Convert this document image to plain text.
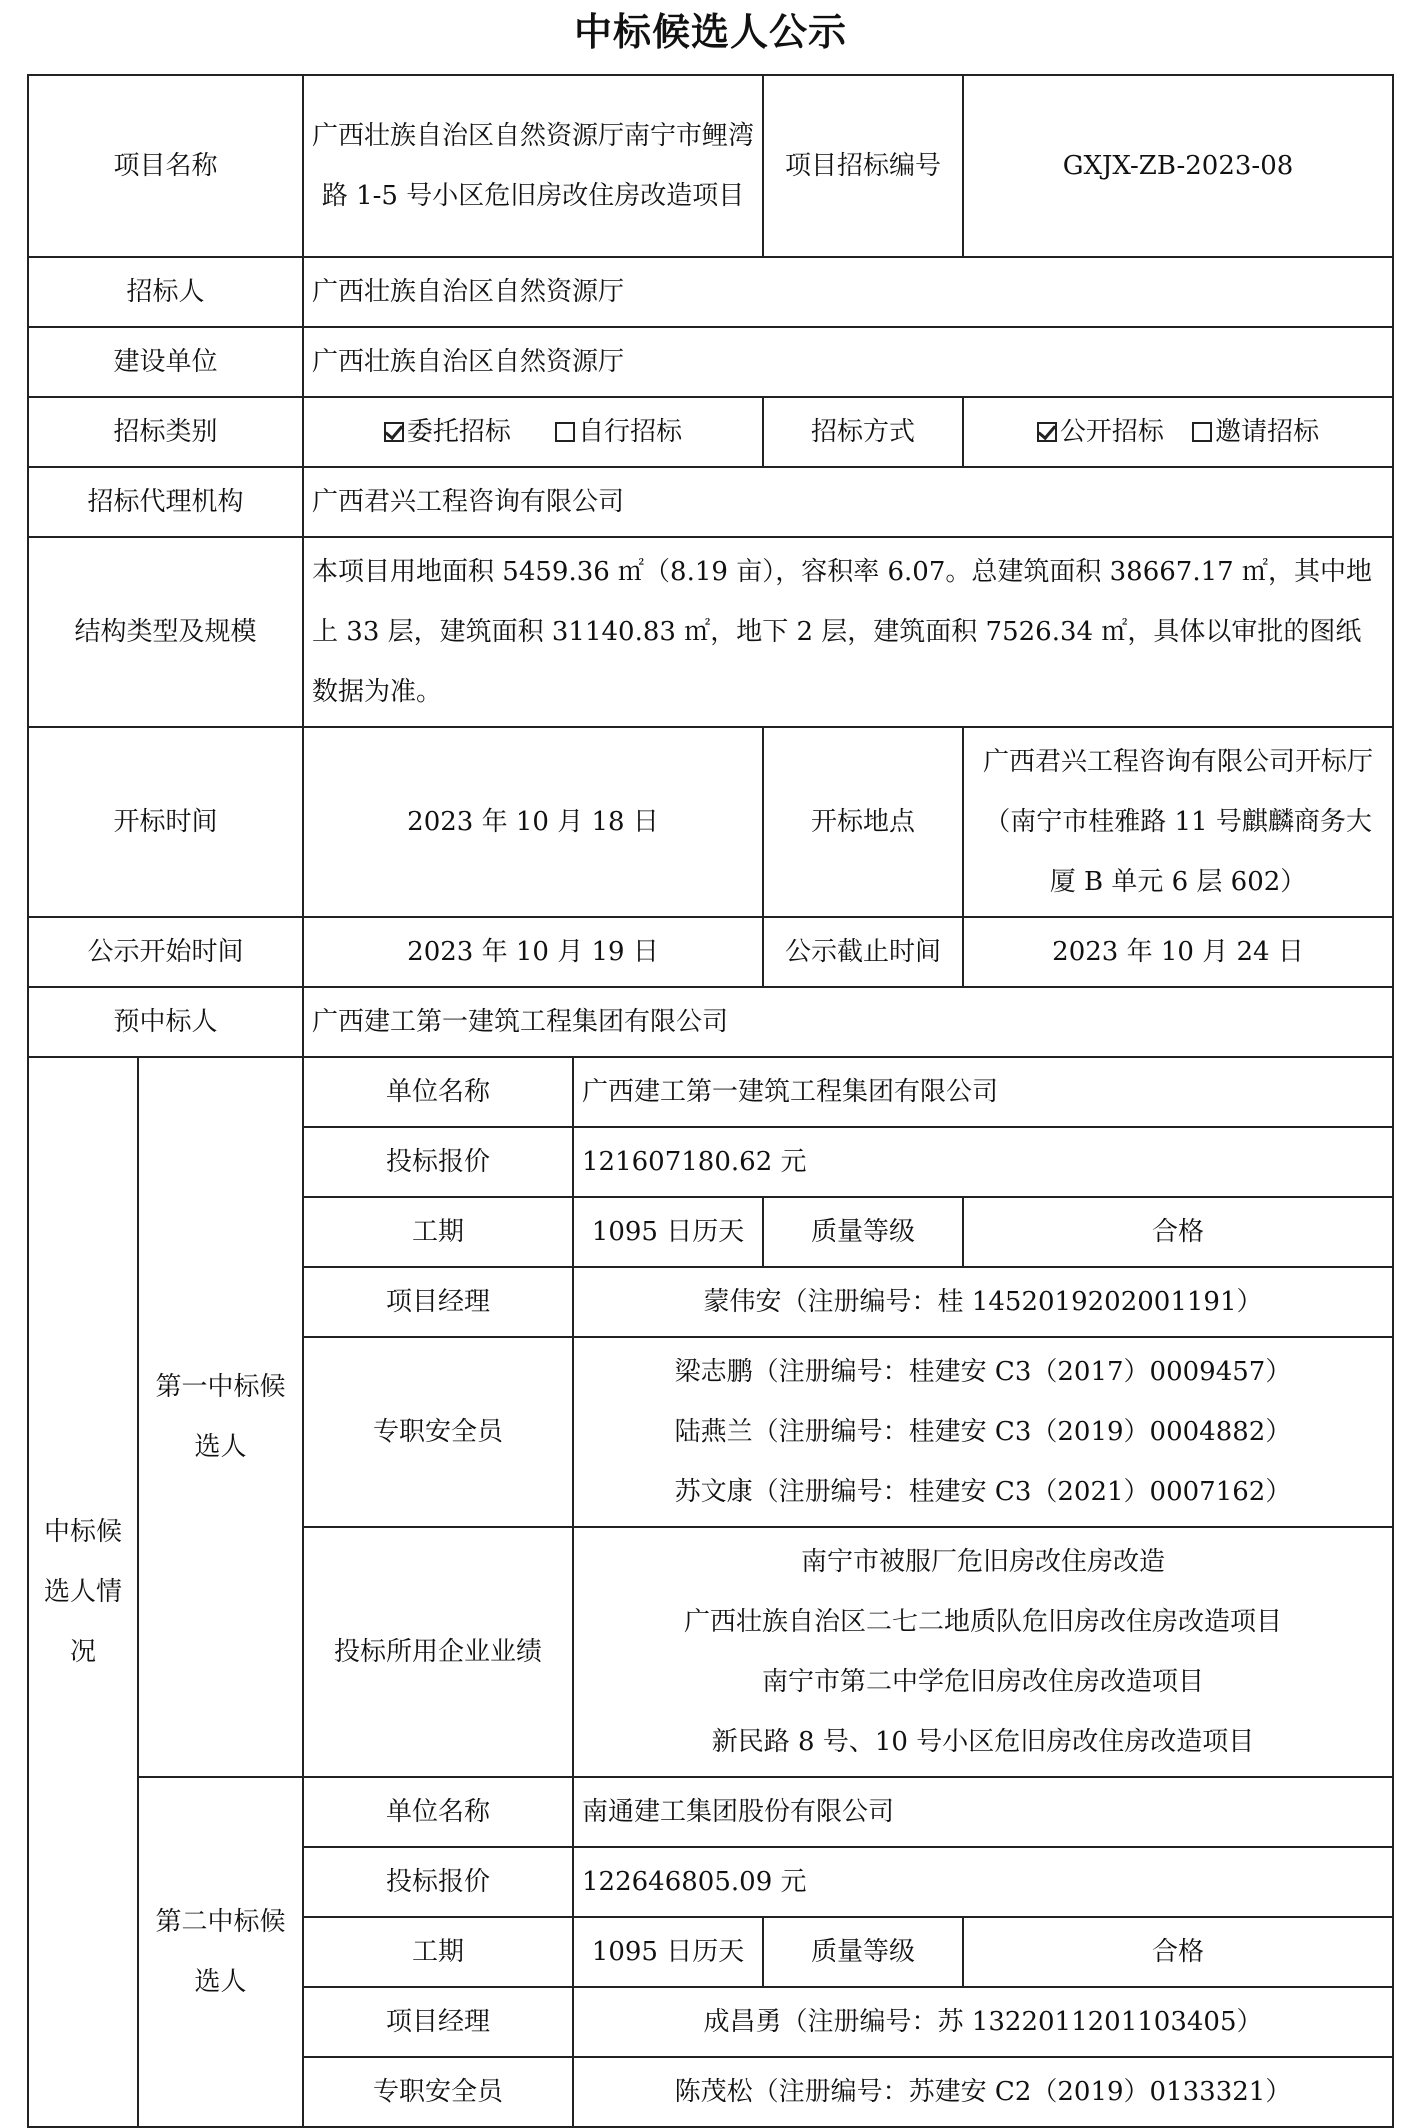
中标候选人公示
项目名称		广西壮族自治区自然资源厅南宁市鲤湾路 1-5 号小区危旧房改住房改造项目		项目招标编号	GXJX-ZB-2023-08
招标人		广西壮族自治区自然资源厅			
建设单位		广西壮族自治区自然资源厅			
招标类别		委托招标 自行招标		招标方式	公开招标 邀请招标
招标代理机构		广西君兴工程咨询有限公司			
结构类型及规模		本项目用地面积 5459.36 ㎡（8.19 亩），容积率 6.07。总建筑面积 38667.17 ㎡，其中地上 33 层，建筑面积 31140.83 ㎡，地下 2 层，建筑面积 7526.34 ㎡，具体以审批的图纸数据为准。			
开标时间		2023 年 10 月 18 日		开标地点	广西君兴工程咨询有限公司开标厅（南宁市桂雅路 11 号麒麟商务大厦 B 单元 6 层 602）
公示开始时间		2023 年 10 月 19 日		公示截止时间	2023 年 10 月 24 日
预中标人		广西建工第一建筑工程集团有限公司			
中标候选人情况	第一中标候选人	单位名称	广西建工第一建筑工程集团有限公司		
		投标报价	121607180.62 元		
		工期	1095 日历天	质量等级	合格
		项目经理	蒙伟安（注册编号：桂 1452019202001191）		
		专职安全员	梁志鹏（注册编号：桂建安 C3（2017）0009457）
陆燕兰（注册编号：桂建安 C3（2019）0004882）
苏文康（注册编号：桂建安 C3（2021）0007162）		

		投标所用企业业绩	南宁市被服厂危旧房改住房改造
广西壮族自治区二七二地质队危旧房改住房改造项目
南宁市第二中学危旧房改住房改造项目
新民路 8 号、10 号小区危旧房改住房改造项目		

	第二中标候选人	单位名称	南通建工集团股份有限公司		
		投标报价	122646805.09 元		
		工期	1095 日历天	质量等级	合格
		项目经理	成昌勇（注册编号：苏 1322011201103405）		
		专职安全员	陈茂松（注册编号：苏建安 C2（2019）0133321）		
